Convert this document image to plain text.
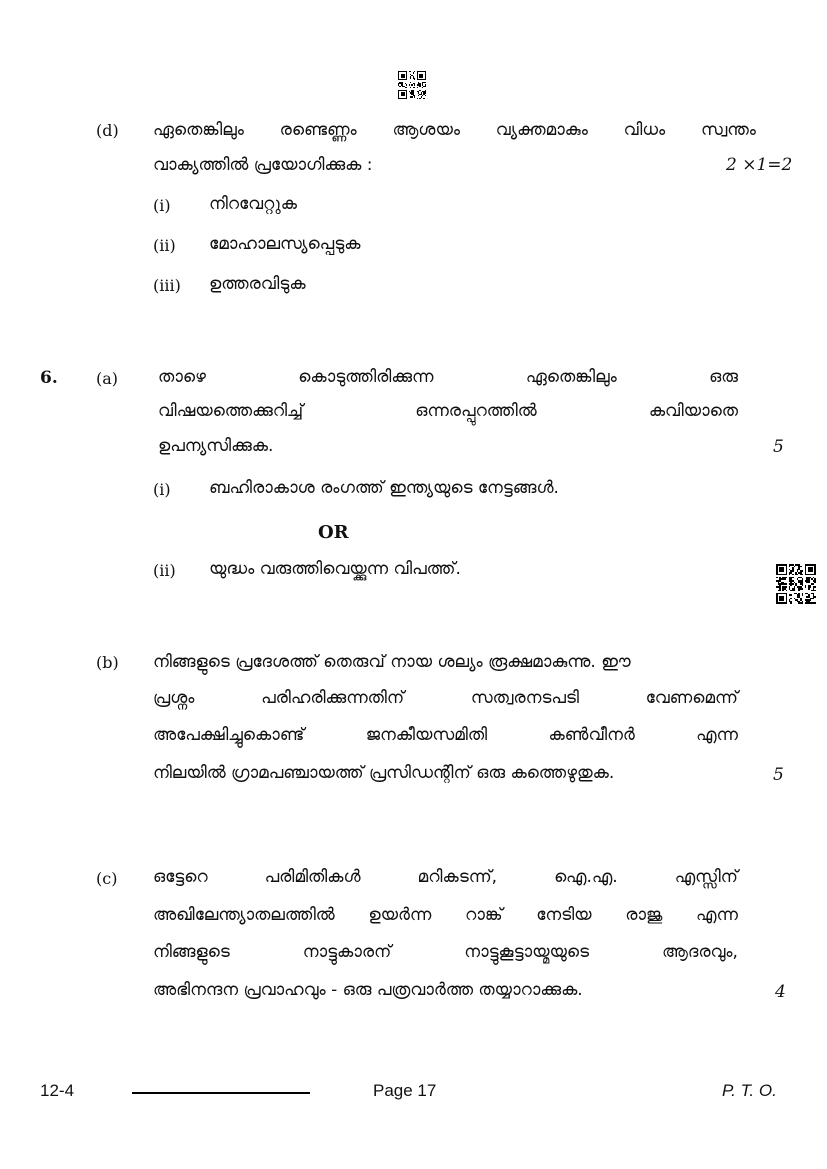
(d) ഏതെങ്കിലും രണ്ടെണ്ണം ആശയം വ്യക്തമാകും വിധം സ്വന്തം
വാക്യത്തിൽ പ്രയോഗിക്കുക :	2 ×1=2
(i) നിറവേറ്റുക
(ii) മോഹാലസ്യപ്പെടുക
(iii) ഉത്തരവിടുക
6. (a) താഴെ	കൊടുത്തിരിക്കുന്ന	ഏതെങ്കിലും	ഒരു
വിഷയത്തെക്കുറിച്ച്	ഒന്നരപ്പുറത്തിൽ	കവിയാതെ
ഉപന്യസിക്കുക.	5
(i) ബഹിരാകാശ രംഗത്ത് ഇന്ത്യയുടെ നേട്ടങ്ങൾ.
OR
(ii) യുദ്ധം വരുത്തിവെയ്ക്കുന്ന വിപത്ത്.
(b) നിങ്ങളുടെ പ്രദേശത്ത് തെരുവ് നായ ശല്യം രൂക്ഷമാകുന്നു. ഈ
പ്രശ്നം	പരിഹരിക്കുന്നതിന്	സത്വരനടപടി	വേണമെന്ന്
അപേക്ഷിച്ചുകൊണ്ട്	ജനകീയസമിതി	കൺവീനർ	എന്ന
നിലയിൽ ഗ്രാമപഞ്ചായത്ത് പ്രസിഡന്റിന് ഒരു കത്തെഴുതുക.	5
(c) ഒട്ടേറെ	പരിമിതികൾ	മറികടന്ന്,	ഐ.എ.	എസ്സിന്
അഖിലേന്ത്യാതലത്തിൽ ഉയർന്ന റാങ്ക് നേടിയ രാജു എന്ന
നിങ്ങളുടെ	നാട്ടുകാരന്	നാട്ടുകൂട്ടായ്മയുടെ	ആദരവും,
അഭിനന്ദന പ്രവാഹവും - ഒരു പത്രവാർത്ത തയ്യാറാക്കുക.	4
12-4	Page 17	P. T. O.
